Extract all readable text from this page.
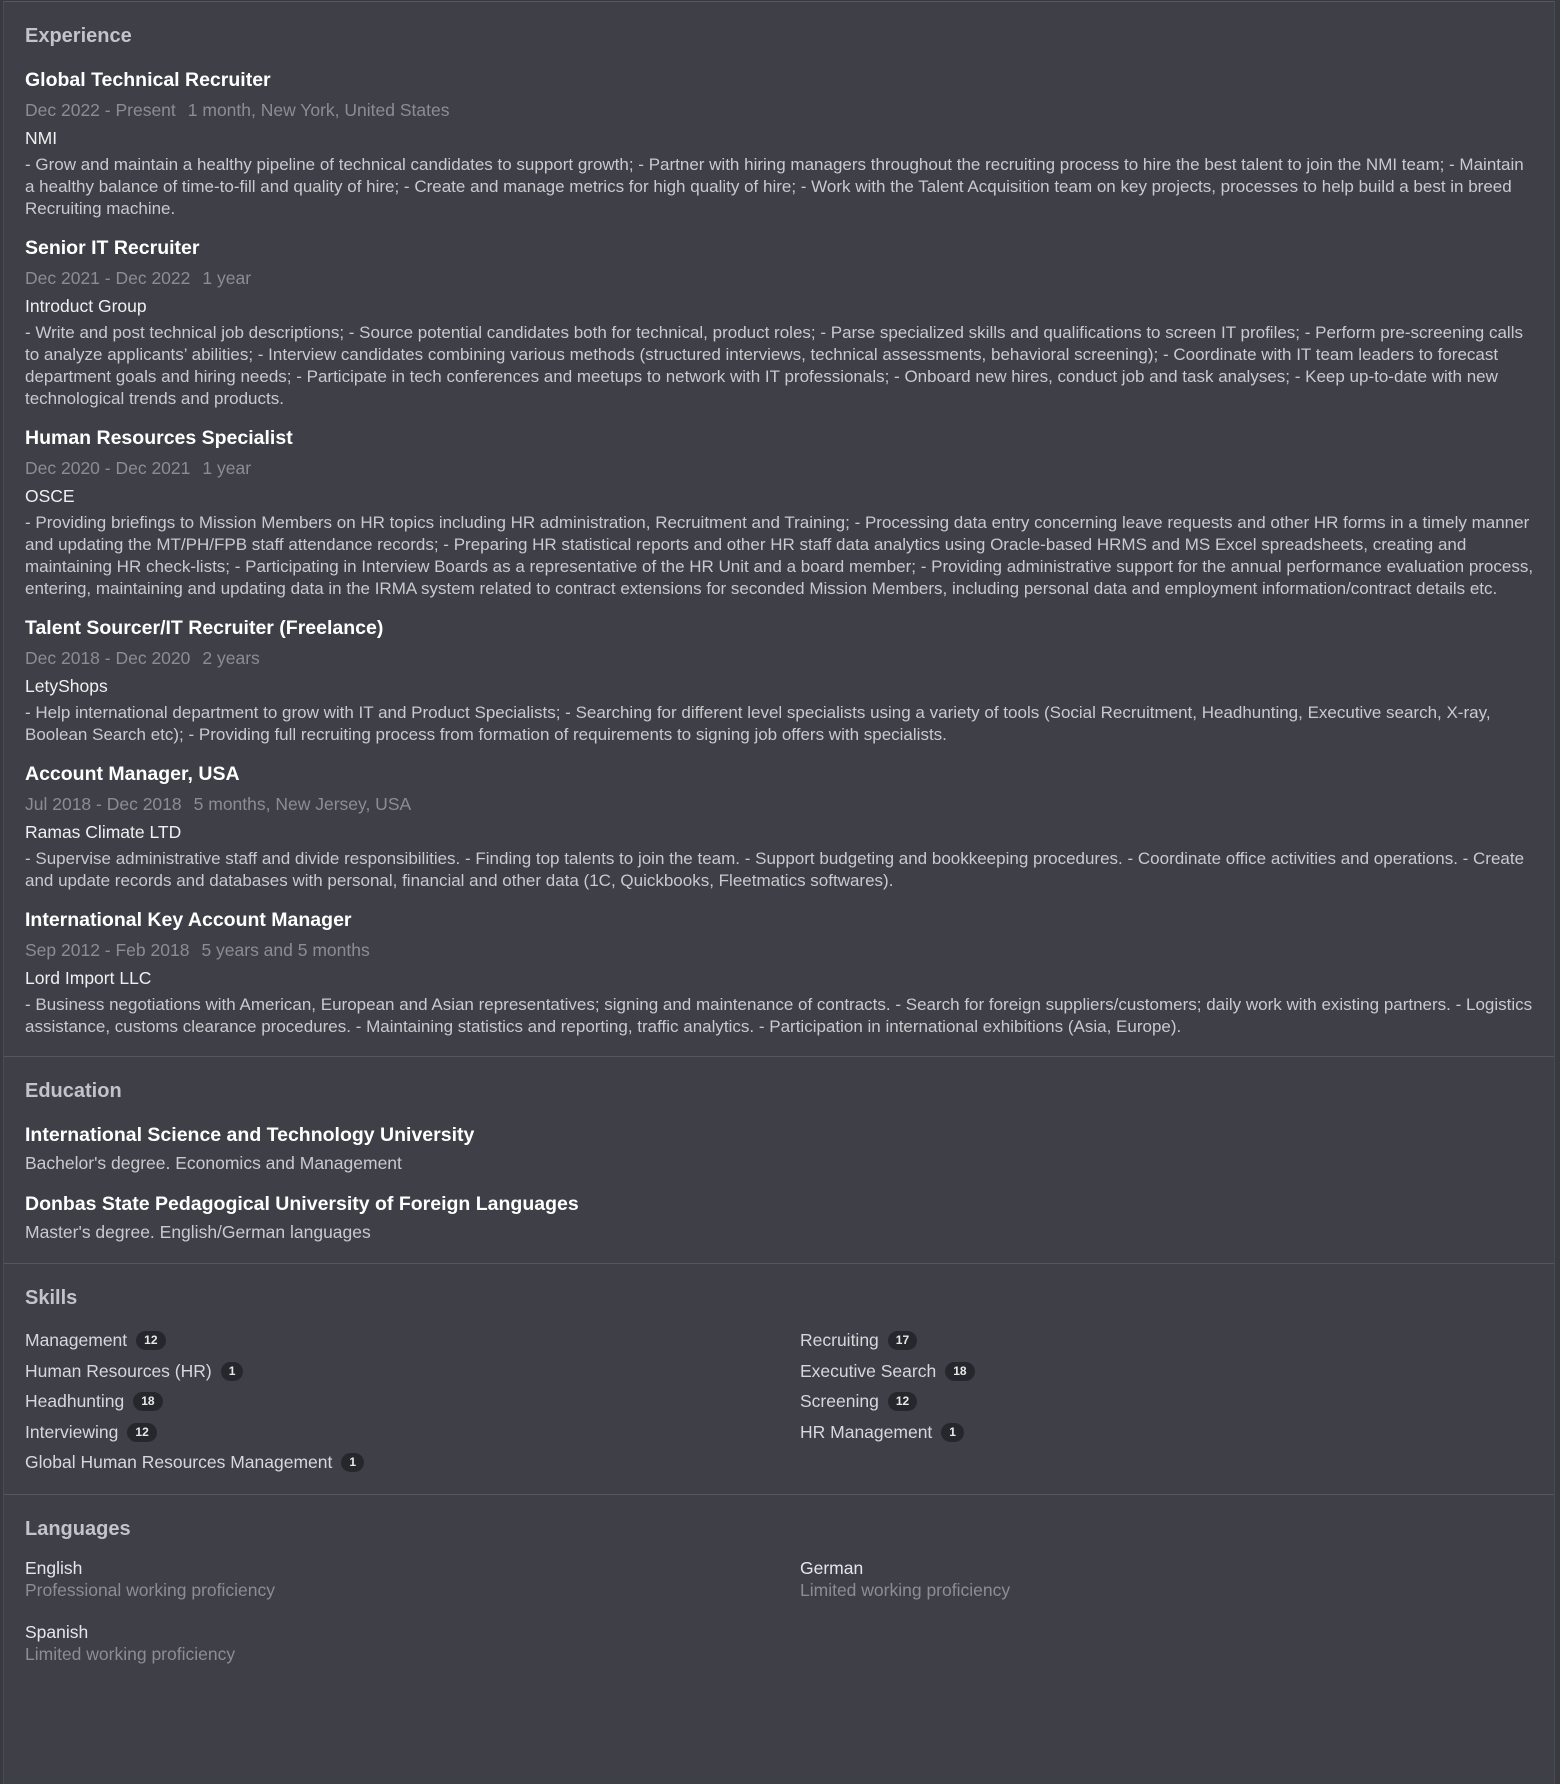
Experience
Global Technical Recruiter
Dec 2022 - Present 1 month, New York, United States
NMI
- Grow and maintain a healthy pipeline of technical candidates to support growth; - Partner with hiring managers throughout the recruiting process to hire the best talent to join the NMI team; - Maintain a healthy balance of time-to-fill and quality of hire; - Create and manage metrics for high quality of hire; - Work with the Talent Acquisition team on key projects, processes to help build a best in breed Recruiting machine.
Senior IT Recruiter
Dec 2021 - Dec 2022 1 year
Introduct Group
- Write and post technical job descriptions; - Source potential candidates both for technical, product roles; - Parse specialized skills and qualifications to screen IT profiles; - Perform pre-screening calls to analyze applicants’ abilities; - Interview candidates combining various methods (structured interviews, technical assessments, behavioral screening); - Coordinate with IT team leaders to forecast department goals and hiring needs; - Participate in tech conferences and meetups to network with IT professionals; - Onboard new hires, conduct job and task analyses; - Keep up-to-date with new technological trends and products.
Human Resources Specialist
Dec 2020 - Dec 2021 1 year
OSCE
- Providing briefings to Mission Members on HR topics including HR administration, Recruitment and Training; - Processing data entry concerning leave requests and other HR forms in a timely manner and updating the MT/PH/FPB staff attendance records; - Preparing HR statistical reports and other HR staff data analytics using Oracle-based HRMS and MS Excel spreadsheets, creating and maintaining HR check-lists; - Participating in Interview Boards as a representative of the HR Unit and a board member; - Providing administrative support for the annual performance evaluation process, entering, maintaining and updating data in the IRMA system related to contract extensions for seconded Mission Members, including personal data and employment information/contract details etc.
Talent Sourcer/IT Recruiter (Freelance)
Dec 2018 - Dec 2020 2 years
LetyShops
- Help international department to grow with IT and Product Specialists; - Searching for different level specialists using a variety of tools (Social Recruitment, Headhunting, Executive search, X-ray, Boolean Search etc); - Providing full recruiting process from formation of requirements to signing job offers with specialists.
Account Manager, USA
Jul 2018 - Dec 2018 5 months, New Jersey, USA
Ramas Climate LTD
- Supervise administrative staff and divide responsibilities. - Finding top talents to join the team. - Support budgeting and bookkeeping procedures. - Coordinate office activities and operations. - Create and update records and databases with personal, financial and other data (1C, Quickbooks, Fleetmatics softwares).
International Key Account Manager
Sep 2012 - Feb 2018 5 years and 5 months
Lord Import LLC
- Business negotiations with American, European and Asian representatives; signing and maintenance of contracts. - Search for foreign suppliers/customers; daily work with existing partners. - Logistics assistance, customs clearance procedures. - Maintaining statistics and reporting, traffic analytics. - Participation in international exhibitions (Asia, Europe).
Education
International Science and Technology University
Bachelor's degree. Economics and Management
Donbas State Pedagogical University of Foreign Languages
Master's degree. English/German languages
Skills
Management	12	Recruiting	17
Human Resources (HR)	1	Executive Search	18
Headhunting	18	Screening	12
Interviewing	12	HR Management	1
Global Human Resources Management	1
Languages
English
Professional working proficiency
German
Limited working proficiency
Spanish
Limited working proficiency
